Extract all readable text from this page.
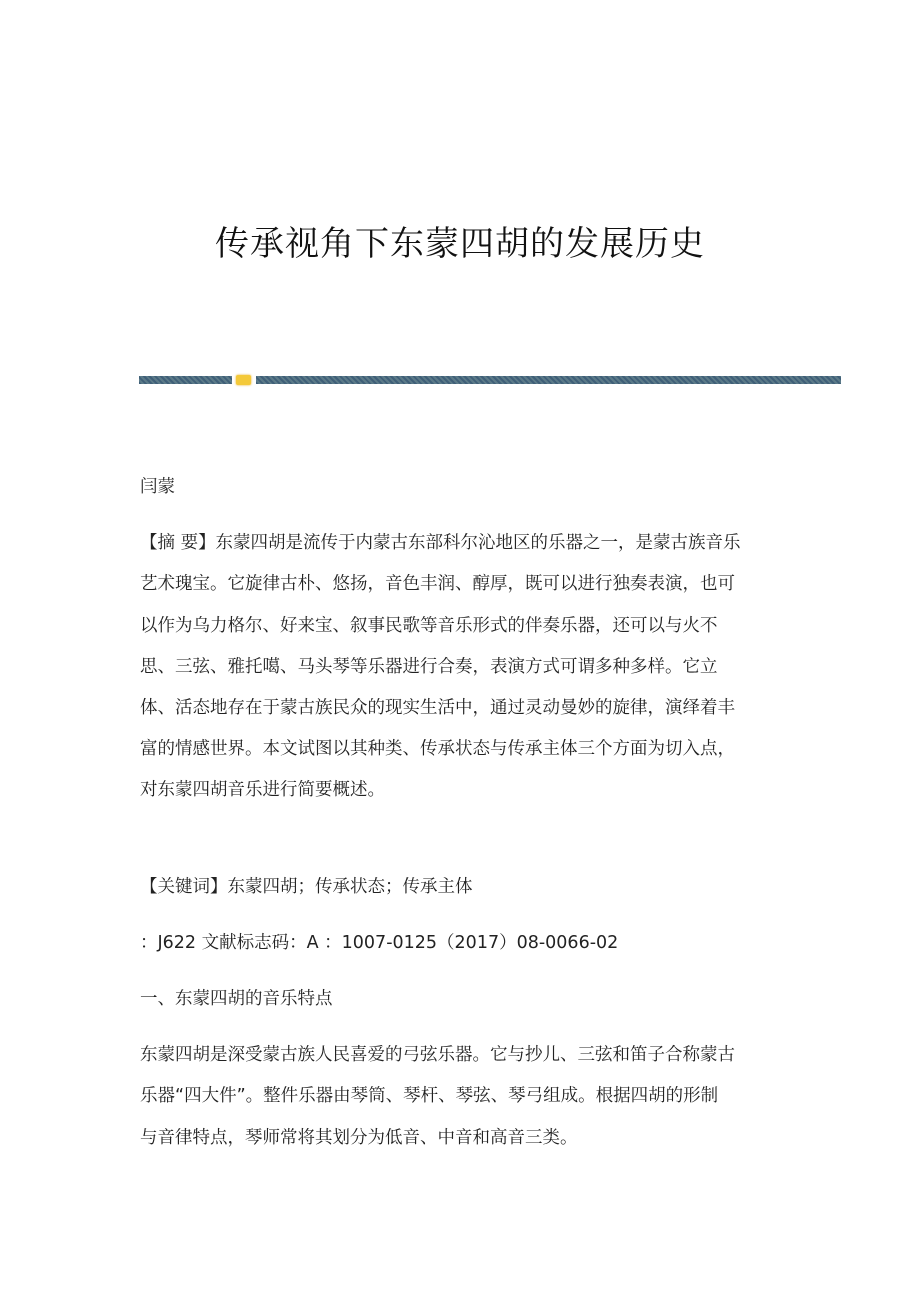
传承视角下东蒙四胡的发展历史
闫蒙
【摘 要】东蒙四胡是流传于内蒙古东部科尔沁地区的乐器之一，是蒙古族音乐
艺术瑰宝。它旋律古朴、悠扬，音色丰润、醇厚，既可以进行独奏表演，也可
以作为乌力格尔、好来宝、叙事民歌等音乐形式的伴奏乐器，还可以与火不
思、三弦、雅托噶、马头琴等乐器进行合奏，表演方式可谓多种多样。它立
体、活态地存在于蒙古族民众的现实生活中，通过灵动曼妙的旋律，演绎着丰
富的情感世界。本文试图以其种类、传承状态与传承主体三个方面为切入点，
对东蒙四胡音乐进行简要概述。
【关键词】东蒙四胡；传承状态；传承主体
：J622 文献标志码：A ：1007-0125（2017）08-0066-02
一、东蒙四胡的音乐特点
东蒙四胡是深受蒙古族人民喜爱的弓弦乐器。它与抄儿、三弦和笛子合称蒙古
乐器“四大件”。整件乐器由琴筒、琴杆、琴弦、琴弓组成。根据四胡的形制
与音律特点，琴师常将其划分为低音、中音和高音三类。
